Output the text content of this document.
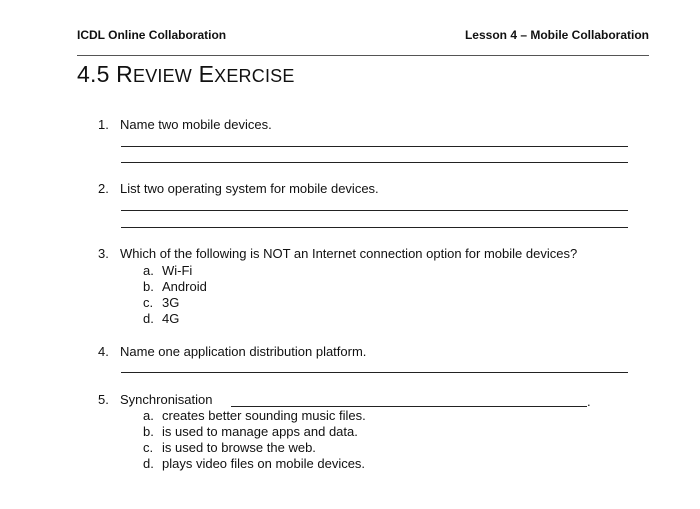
ICDL Online Collaboration	Lesson 4 – Mobile Collaboration
4.5 REVIEW EXERCISE
1. Name two mobile devices.
2. List two operating system for mobile devices.
3. Which of the following is NOT an Internet connection option for mobile devices?
a. Wi-Fi
b. Android
c. 3G
d. 4G
4. Name one application distribution platform.
5. Synchronisation	.
a. creates better sounding music files.
b. is used to manage apps and data.
c. is used to browse the web.
d. plays video files on mobile devices.
